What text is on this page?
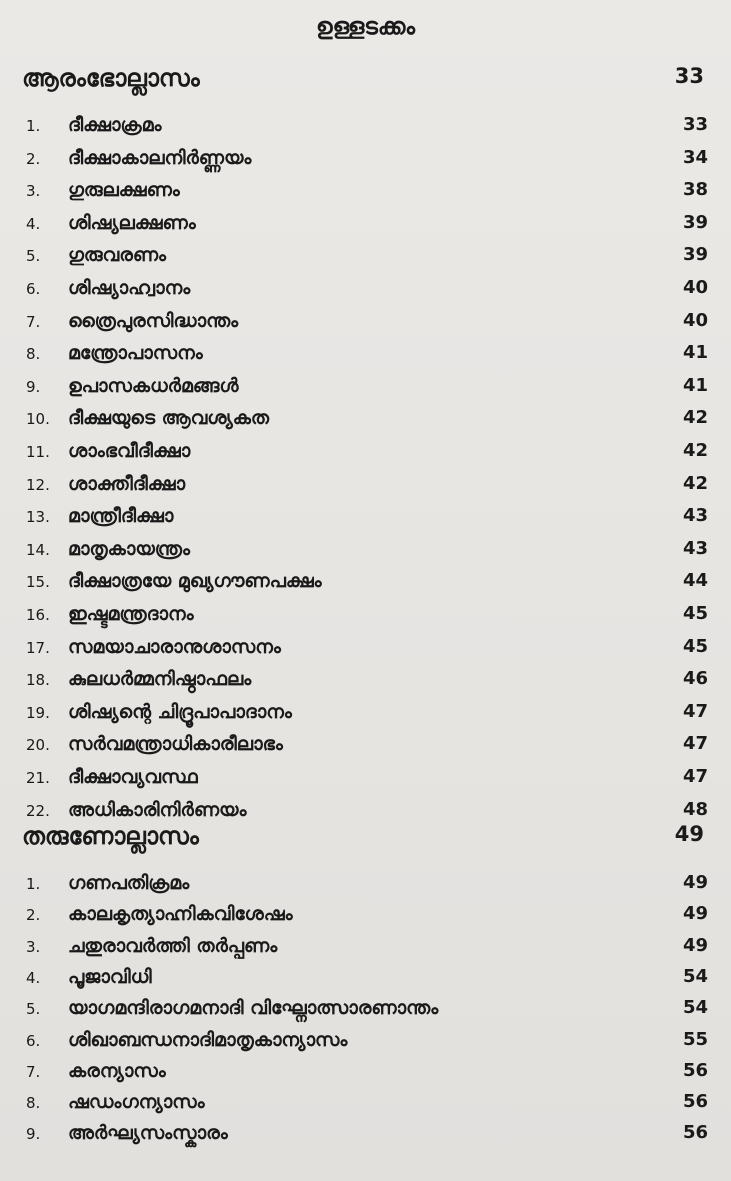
ഉള്ളടക്കം
ആരംഭോല്ലാസം	33
1. ദീക്ഷാക്രമം	33
2. ദീക്ഷാകാലനിർണ്ണയം	34
3. ഗുരുലക്ഷണം	38
4. ശിഷ്യലക്ഷണം	39
5. ഗുരുവരണം	39
6. ശിഷ്യാഹ്വാനം	40
7. ത്രൈപുരസിദ്ധാന്തം	40
8. മന്ത്രോപാസനം	41
9. ഉപാസകധർമങ്ങൾ	41
10. ദീക്ഷയുടെ ആവശ്യകത	42
11. ശാംഭവീദീക്ഷാ	42
12. ശാക്തീദീക്ഷാ	42
13. മാന്ത്രീദീക്ഷാ	43
14. മാതൃകായന്ത്രം	43
15. ദീക്ഷാത്രയേ മുഖ്യഗൗണപക്ഷം	44
16. ഇഷ്ടമന്ത്രദാനം	45
17. സമയാചാരാനുശാസനം	45
18. കുലധർമ്മനിഷ്ഠാഫലം	46
19. ശിഷ്യന്റെ ചിദ്രൂപാപാദാനം	47
20. സർവമന്ത്രാധികാരീലാഭം	47
21. ദീക്ഷാവ്യവസ്ഥ	47
22. അധികാരിനിർണയം	48
തരുണോല്ലാസം	49
1. ഗണപതിക്രമം	49
2. കാലകൃത്യാഹ്നികവിശേഷം	49
3. ചതുരാവർത്തി തർപ്പണം	49
4. പൂജാവിധി	54
5. യാഗമന്ദിരാഗമനാദി വിഘ്നോത്സാരണാന്തം	54
6. ശിഖാബന്ധനാദിമാതൃകാന്യാസം	55
7. കരന്യാസം	56
8. ഷഡംഗന്യാസം	56
9. അർഘ്യസംസ്കാരം	56
